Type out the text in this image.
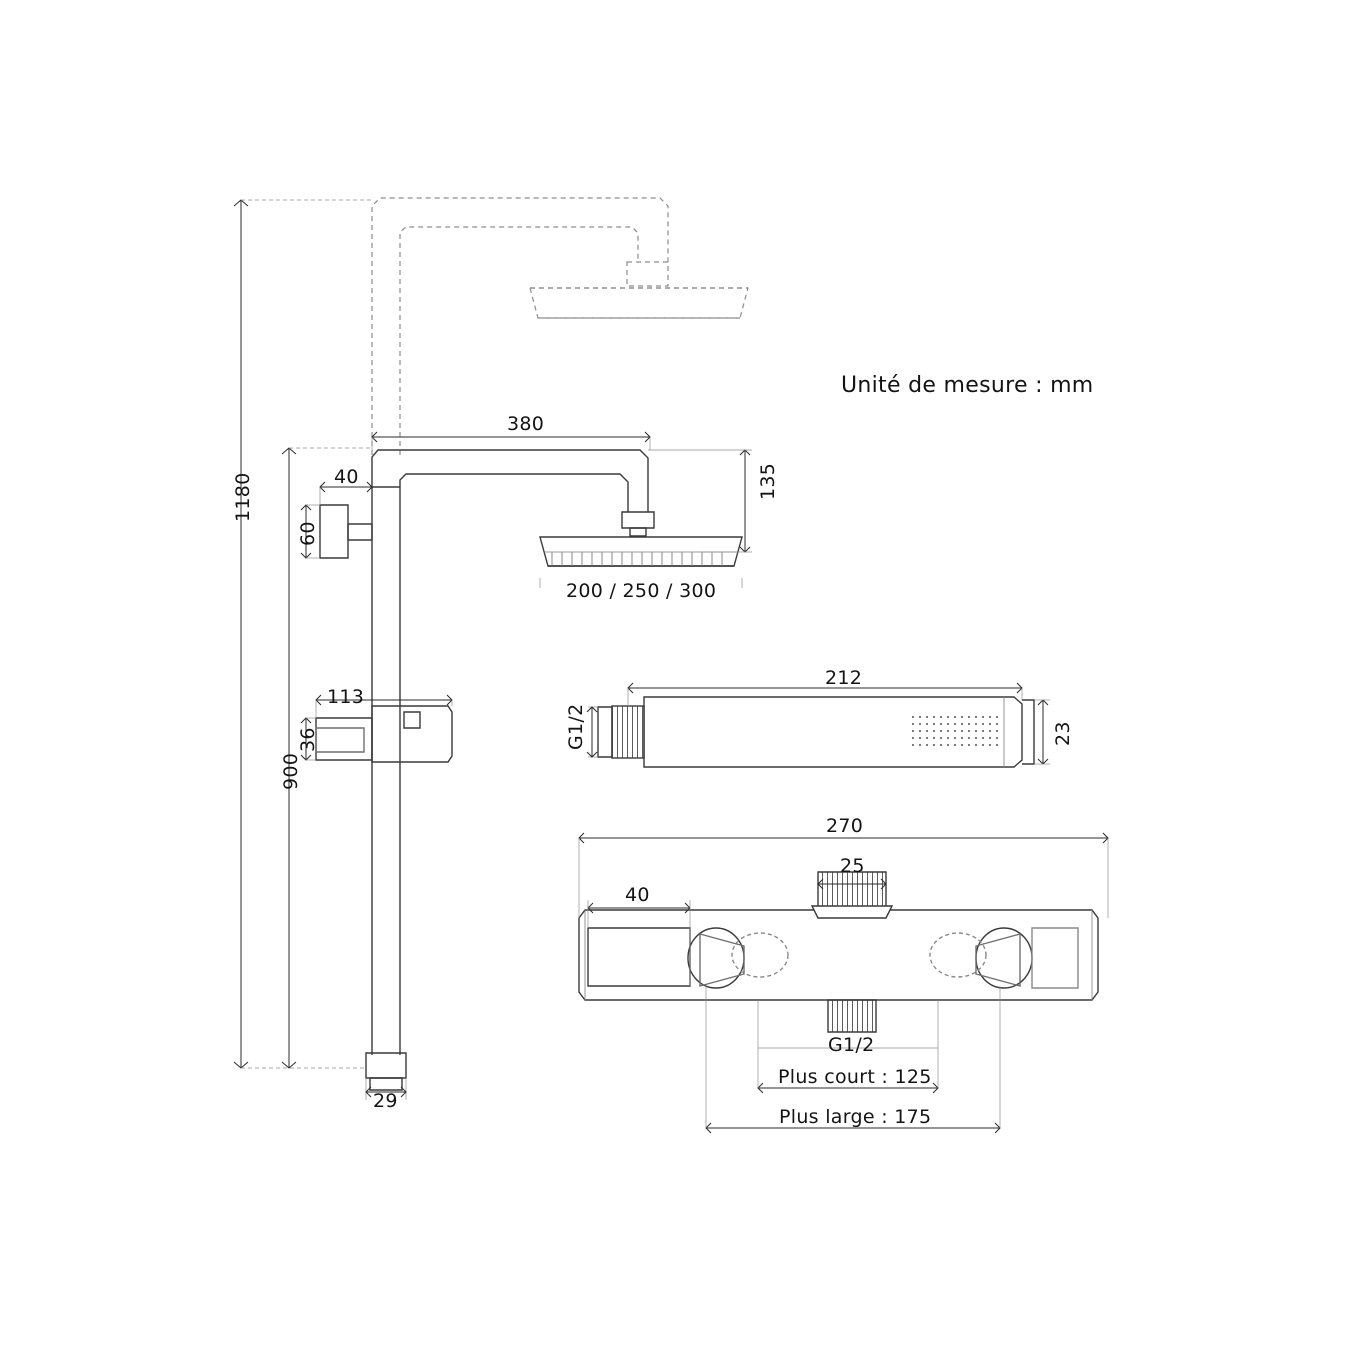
1180
900
60
40
380
135
200 / 250 / 300
113
36
29
212
23
G1/2
270
25
40
G1/2
Plus court : 125
Plus large : 175
Unité de mesure : mm
